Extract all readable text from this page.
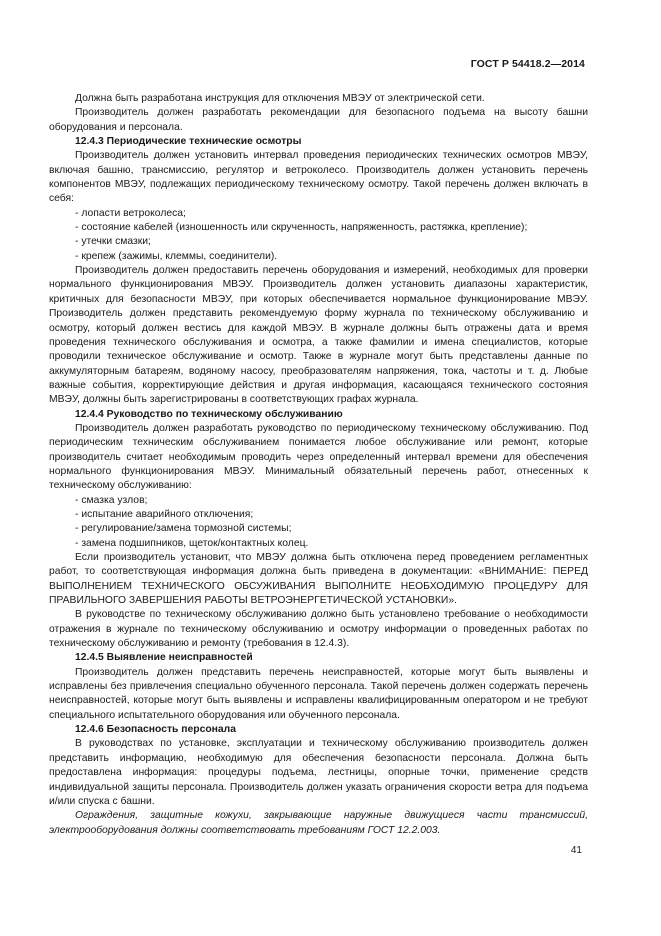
ГОСТ Р 54418.2—2014

Должна быть разработана инструкция для отключения МВЭУ от электрической сети.

Производитель должен разработать рекомендации для безопасного подъема на высоту башни оборудования и персонала.

12.4.3 Периодические технические осмотры

Производитель должен установить интервал проведения периодических технических осмотров МВЭУ, включая башню, трансмиссию, регулятор и ветроколесо. Производитель должен установить перечень компонентов МВЭУ, подлежащих периодическому техническому осмотру. Такой перечень должен включать в себя:

- лопасти ветроколеса;

- состояние кабелей (изношенность или скрученность, напряженность, растяжка, крепление);

- утечки смазки;

- крепеж (зажимы, клеммы, соединители).

Производитель должен предоставить перечень оборудования и измерений, необходимых для проверки нормального функционирования МВЭУ. Производитель должен установить диапазоны характеристик, критичных для безопасности МВЭУ, при которых обеспечивается нормальное функционирование МВЭУ. Производитель должен представить рекомендуемую форму журнала по техническому обслуживанию и осмотру, который должен вестись для каждой МВЭУ. В журнале должны быть отражены дата и время проведения технического обслуживания и осмотра, а также фамилии и имена специалистов, которые проводили техническое обслуживание и осмотр. Также в журнале могут быть представлены данные по аккумуляторным батареям, водяному насосу, преобразователям напряжения, тока, частоты и т. д. Любые важные события, корректирующие действия и другая информация, касающаяся технического состояния МВЭУ, должны быть зарегистрированы в соответствующих графах журнала.

12.4.4 Руководство по техническому обслуживанию

Производитель должен разработать руководство по периодическому техническому обслуживанию. Под периодическим техническим обслуживанием понимается любое обслуживание или ремонт, которые производитель считает необходимым проводить через определенный интервал времени для обеспечения нормального функционирования МВЭУ. Минимальный обязательный перечень работ, отнесенных к техническому обслуживанию:

- смазка узлов;

- испытание аварийного отключения;

- регулирование/замена тормозной системы;

- замена подшипников, щеток/контактных колец.

Если производитель установит, что МВЭУ должна быть отключена перед проведением регламентных работ, то соответствующая информация должна быть приведена в документации: «ВНИМАНИЕ: ПЕРЕД ВЫПОЛНЕНИЕМ ТЕХНИЧЕСКОГО ОБСУЖИВАНИЯ ВЫПОЛНИТЕ НЕОБХОДИМУЮ ПРОЦЕДУРУ ДЛЯ ПРАВИЛЬНОГО ЗАВЕРШЕНИЯ РАБОТЫ ВЕТРОЭНЕРГЕТИЧЕСКОЙ УСТАНОВКИ».

В руководстве по техническому обслуживанию должно быть установлено требование о необходимости отражения в журнале по техническому обслуживанию и осмотру информации о проведенных работах по техническому обслуживанию и ремонту (требования в 12.4.3).

12.4.5 Выявление неисправностей

Производитель должен представить перечень неисправностей, которые могут быть выявлены и исправлены без привлечения специально обученного персонала. Такой перечень должен содержать перечень неисправностей, которые могут быть выявлены и исправлены квалифицированным оператором и не требуют специального испытательного оборудования или обученного персонала.

12.4.6 Безопасность персонала

В руководствах по установке, эксплуатации и техническому обслуживанию производитель должен представить информацию, необходимую для обеспечения безопасности персонала. Должна быть предоставлена информация: процедуры подъема, лестницы, опорные точки, применение средств индивидуальной защиты персонала. Производитель должен указать ограничения скорости ветра для подъема и/или спуска с башни.

Ограждения, защитные кожухи, закрывающие наружные движущиеся части трансмиссий, электрооборудования должны соответствовать требованиям ГОСТ 12.2.003.

41
